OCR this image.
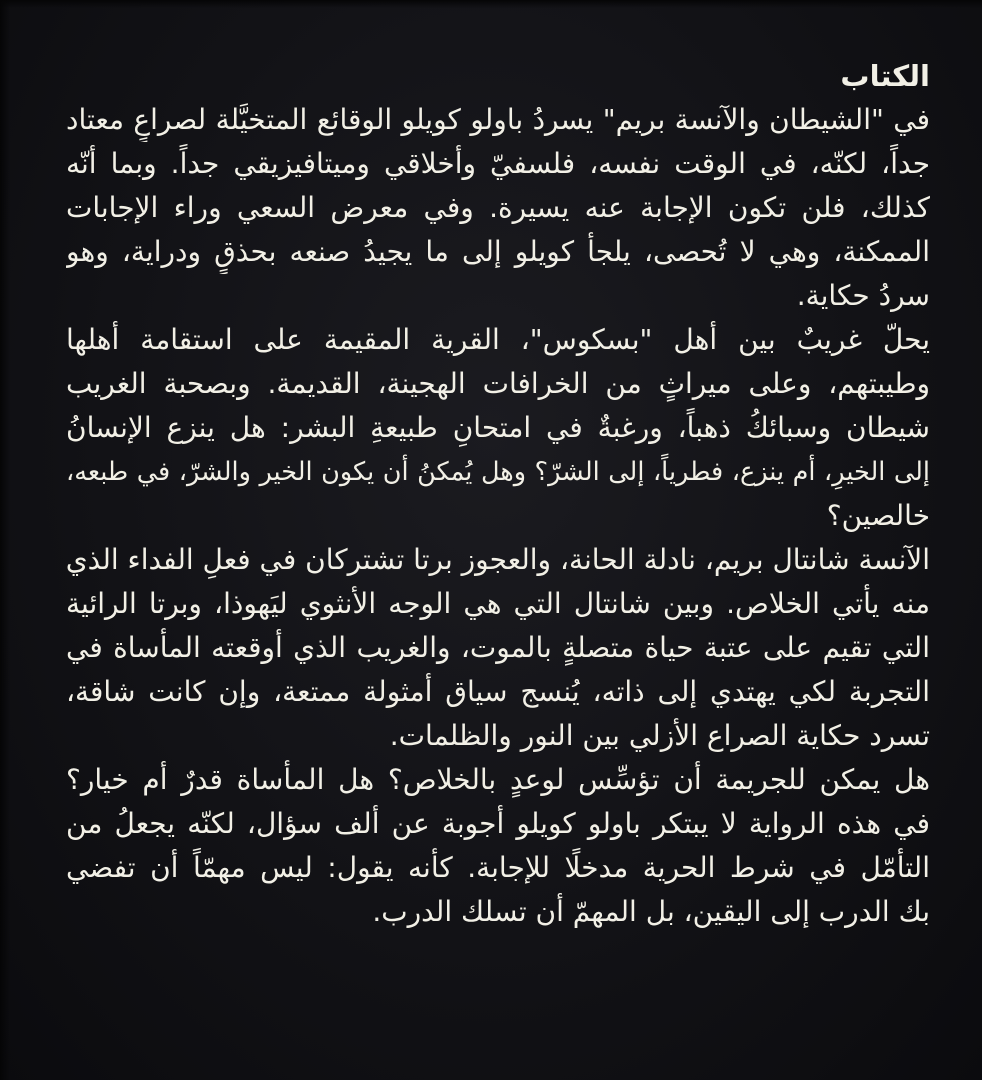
الكتاب
في "الشيطان والآنسة بريم" يسردُ باولو كويلو الوقائع المتخيَّلة لصراعٍ معتاد
جداً، لكنّه، في الوقت نفسه، فلسفيّ وأخلاقي وميتافيزيقي جداً. وبما أنّه
كذلك، فلن تكون الإجابة عنه يسيرة. وفي معرض السعي وراء الإجابات
الممكنة، وهي لا تُحصى، يلجأ كويلو إلى ما يجيدُ صنعه بحذقٍ ودراية، وهو
سردُ حكاية.
يحلّ غريبٌ بين أهل "بسكوس"، القرية المقيمة على استقامة أهلها
وطيبتهم، وعلى ميراثٍ من الخرافات الهجينة، القديمة. وبصحبة الغريب
شيطان وسبائكُ ذهباً، ورغبةٌ في امتحانِ طبيعةِ البشر: هل ينزع الإنسانُ
إلى الخيرِ، أم ينزع، فطرياً، إلى الشرّ؟ وهل يُمكنُ أن يكون الخير والشرّ، في طبعه،
خالصين؟
الآنسة شانتال بريم، نادلة الحانة، والعجوز برتا تشتركان في فعلِ الفداء الذي
منه يأتي الخلاص. وبين شانتال التي هي الوجه الأنثوي ليَهوذا، وبرتا الرائية
التي تقيم على عتبة حياة متصلةٍ بالموت، والغريب الذي أوقعته المأساة في
التجربة لكي يهتدي إلى ذاته، يُنسج سياق أمثولة ممتعة، وإن كانت شاقة،
تسرد حكاية الصراع الأزلي بين النور والظلمات.
هل يمكن للجريمة أن تؤسِّس لوعدٍ بالخلاص؟ هل المأساة قدرٌ أم خيار؟
في هذه الرواية لا يبتكر باولو كويلو أجوبة عن ألف سؤال، لكنّه يجعلُ من
التأمّل في شرط الحرية مدخلًا للإجابة. كأنه يقول: ليس مهمّاً أن تفضي
بك الدرب إلى اليقين، بل المهمّ أن تسلك الدرب.
